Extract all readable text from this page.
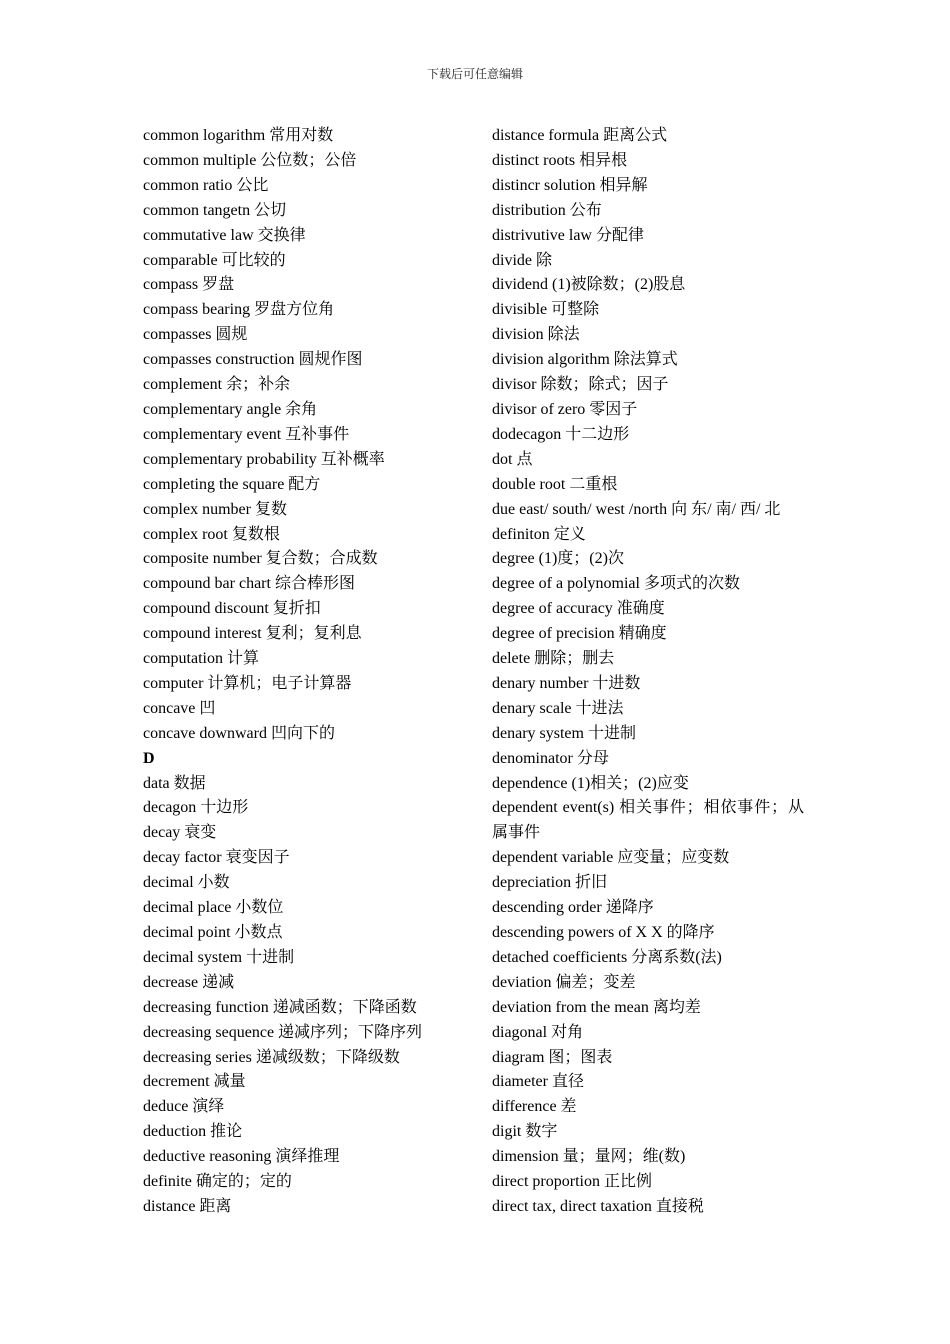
下载后可任意编辑
common logarithm 常用对数
common multiple 公位数；公倍
common ratio 公比
common tangetn 公切
commutative law 交换律
comparable 可比较的
compass 罗盘
compass bearing 罗盘方位角
compasses 圆规
compasses construction 圆规作图
complement 余；补余
complementary angle 余角
complementary event 互补事件
complementary probability 互补概率
completing the square 配方
complex number 复数
complex root 复数根
composite number 复合数；合成数
compound bar chart 综合棒形图
compound discount 复折扣
compound interest 复利；复利息
computation 计算
computer 计算机；电子计算器
concave 凹
concave downward 凹向下的
D
data 数据
decagon 十边形
decay 衰变
decay factor 衰变因子
decimal 小数
decimal place 小数位
decimal point 小数点
decimal system 十进制
decrease 递减
decreasing function 递减函数；下降函数
decreasing sequence 递减序列；下降序列
decreasing series 递减级数；下降级数
decrement 减量
deduce 演绎
deduction 推论
deductive reasoning 演绎推理
definite 确定的；定的
distance 距离
distance formula 距离公式
distinct roots 相异根
distincr solution 相异解
distribution 公布
distrivutive law 分配律
divide 除
dividend (1)被除数；(2)股息
divisible 可整除
division 除法
division algorithm 除法算式
divisor 除数；除式；因子
divisor of zero 零因子
dodecagon 十二边形
dot 点
double root 二重根
due east/ south/ west /north 向 东/ 南/ 西/ 北
definiton 定义
degree (1)度；(2)次
degree of a polynomial 多项式的次数
degree of accuracy 准确度
degree of precision 精确度
delete 删除；删去
denary number 十进数
denary scale 十进法
denary system 十进制
denominator 分母
dependence (1)相关；(2)应变
dependent event(s) 相关事件；相依事件；从属事件
dependent variable 应变量；应变数
depreciation 折旧
descending order 递降序
descending powers of X X 的降序
detached coefficients 分离系数(法)
deviation 偏差；变差
deviation from the mean 离均差
diagonal 对角
diagram 图；图表
diameter 直径
difference 差
digit 数字
dimension 量；量网；维(数)
direct proportion 正比例
direct tax, direct taxation 直接税
